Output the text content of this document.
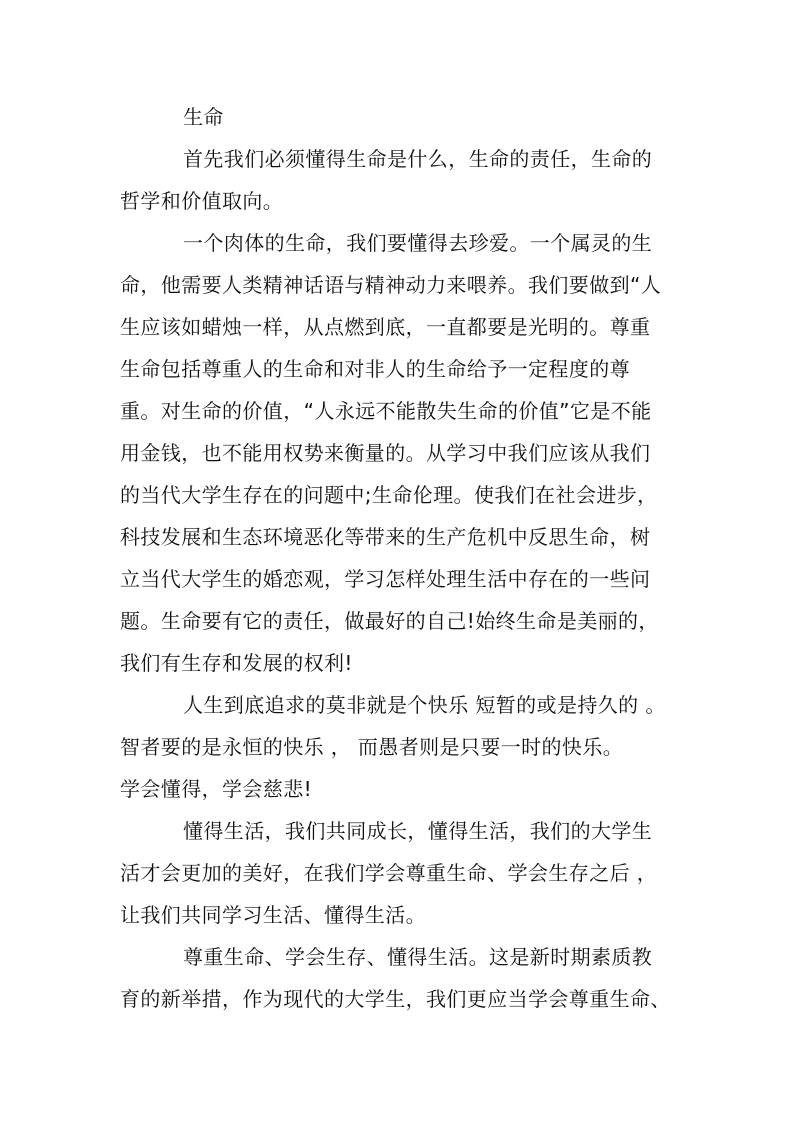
生命
首先我们必须懂得生命是什么，生命的责任，生命的
哲学和价值取向。
一个肉体的生命，我们要懂得去珍爱。一个属灵的生
命，他需要人类精神话语与精神动力来喂养。我们要做到“人
生应该如蜡烛一样，从点燃到底，一直都要是光明的。尊重
生命包括尊重人的生命和对非人的生命给予一定程度的尊
重。对生命的价值，“人永远不能散失生命的价值”它是不能
用金钱，也不能用权势来衡量的。从学习中我们应该从我们
的当代大学生存在的问题中;生命伦理。使我们在社会进步，
科技发展和生态环境恶化等带来的生产危机中反思生命，树
立当代大学生的婚恋观，学习怎样处理生活中存在的一些问
题。生命要有它的责任，做最好的自己!始终生命是美丽的，
我们有生存和发展的权利!
人生到底追求的莫非就是个快乐 短暂的或是持久的 。
智者要的是永恒的快乐 ， 而愚者则是只要一时的快乐。
学会懂得，学会慈悲!
懂得生活，我们共同成长，懂得生活，我们的大学生
活才会更加的美好，在我们学会尊重生命、学会生存之后 ，
让我们共同学习生活、懂得生活。
尊重生命、学会生存、懂得生活。这是新时期素质教
育的新举措，作为现代的大学生，我们更应当学会尊重生命、
